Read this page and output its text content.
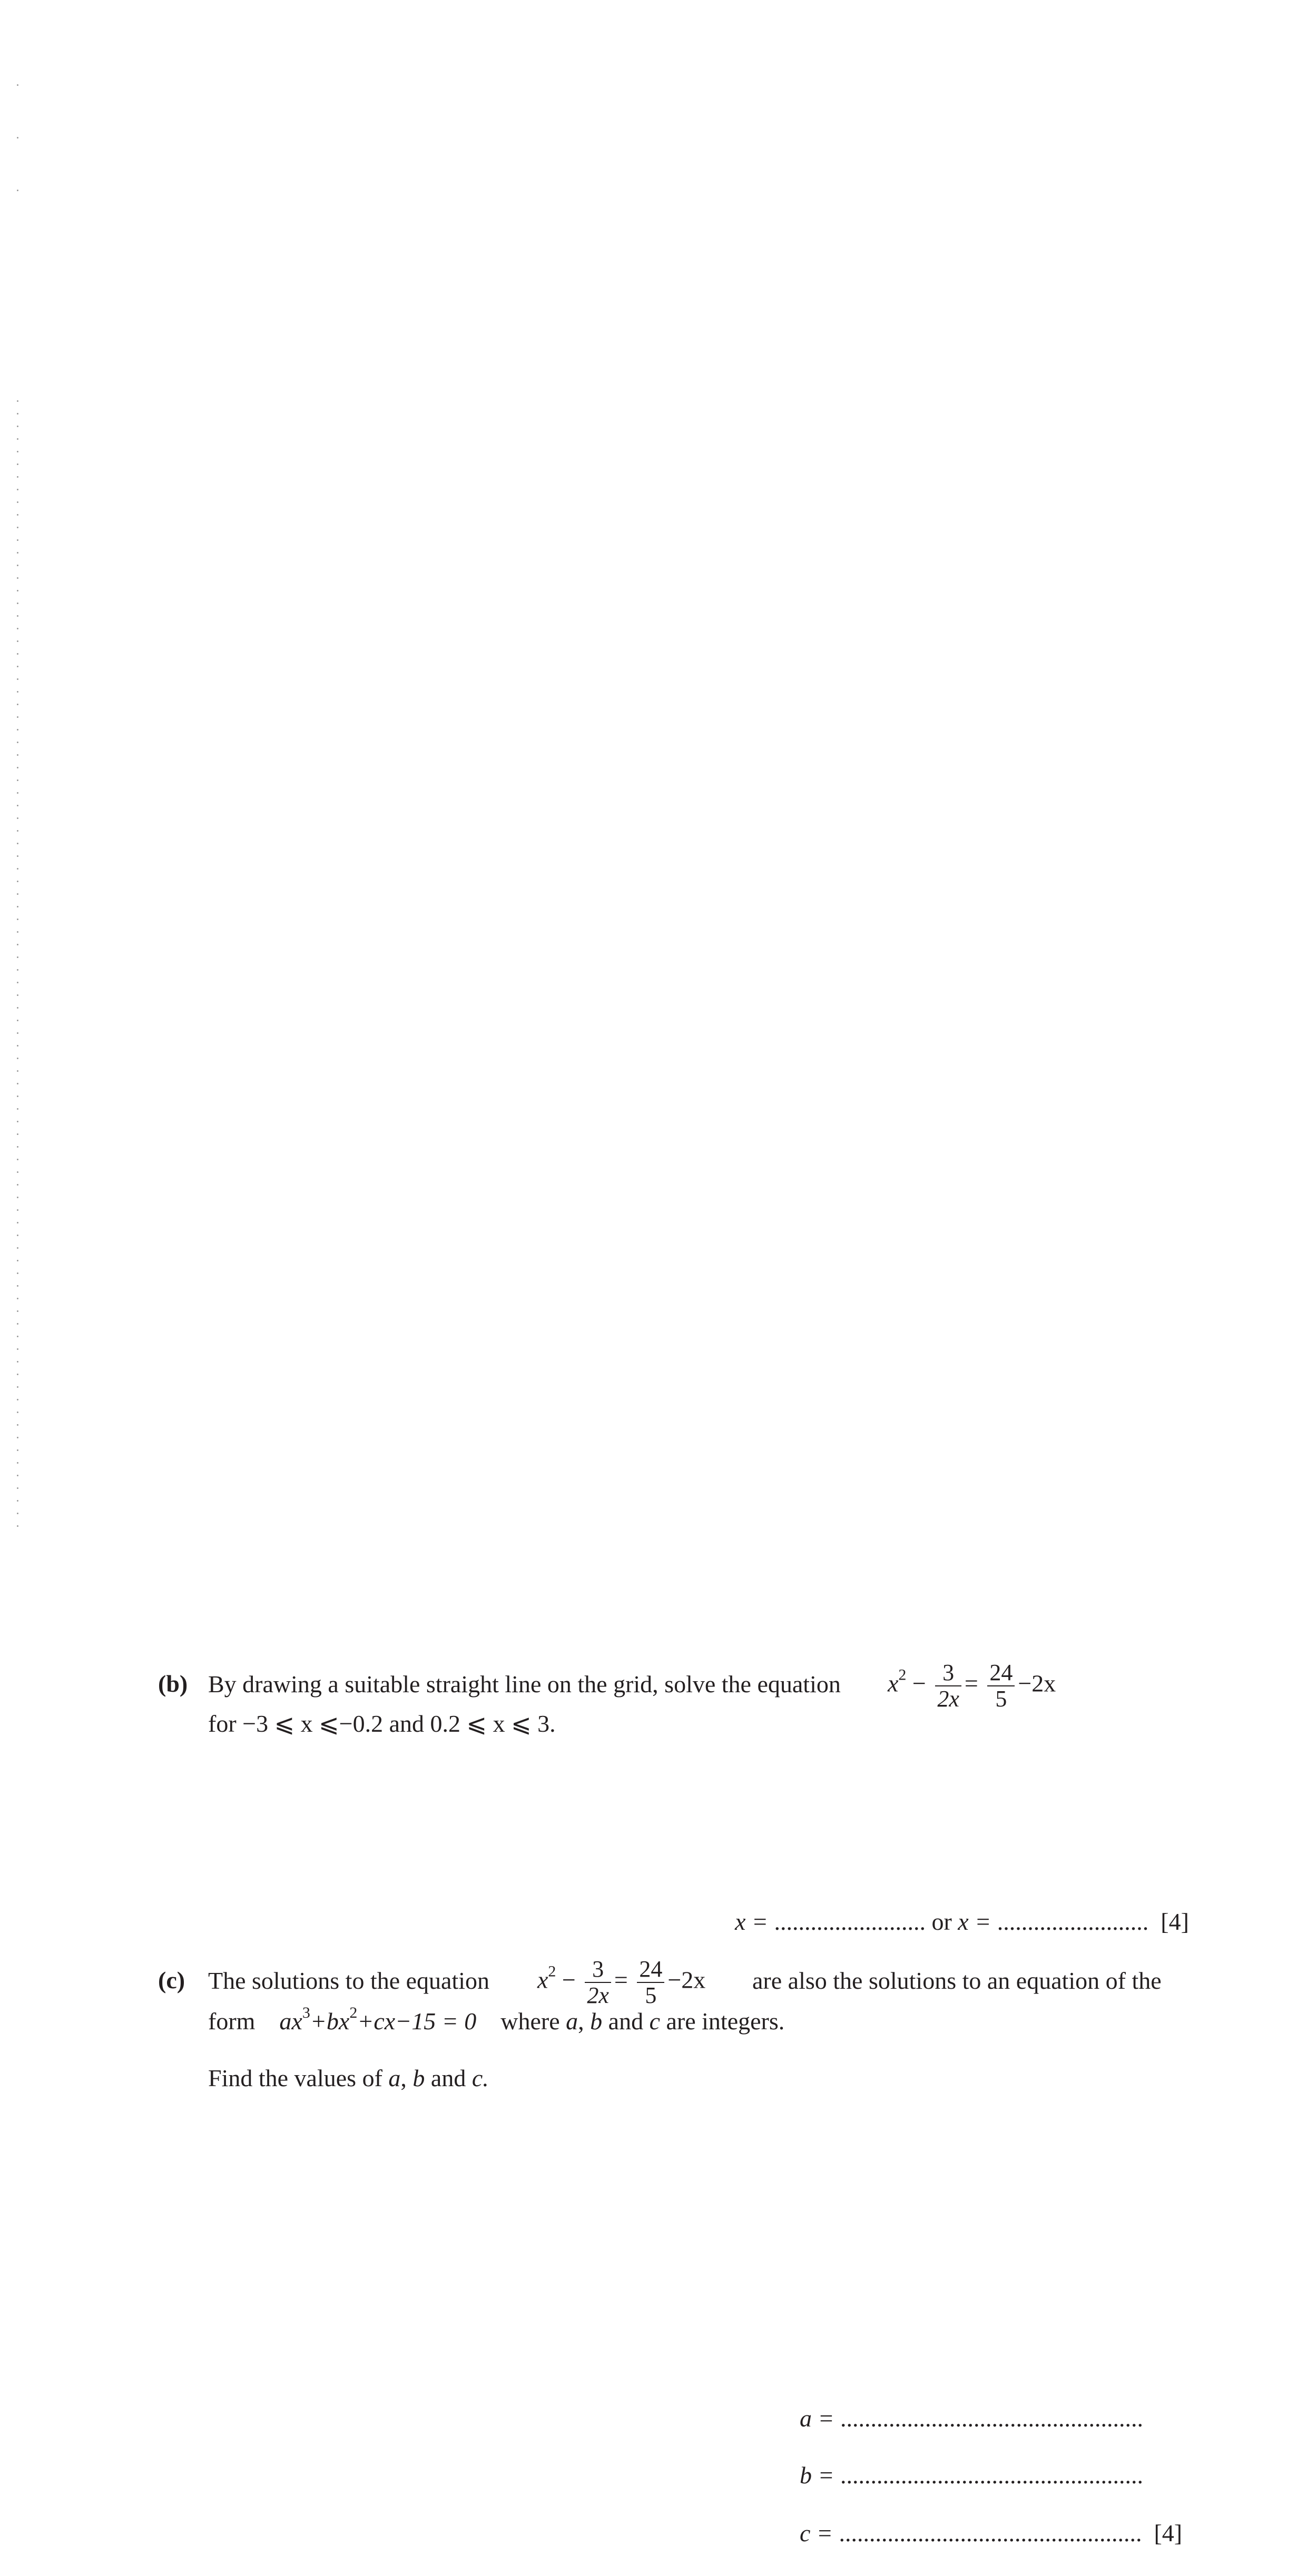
(b) By drawing a suitable straight line on the grid, solve the equation $x^2 - \frac{3}{2x} = \frac{24}{5} -2x$
for −3 ⩽ x ⩽−0.2 and 0.2 ⩽ x ⩽ 3.
x = ......................... or x = ......................... [4]
(c) The solutions to the equation $x^2 - \frac{3}{2x} = \frac{24}{5} -2x$ are also the solutions to an equation of the
form $ax^3+bx^2+cx-15 = 0$ where a, b and c are integers.
Find the values of a, b and c.
a = ..................................................
b = ..................................................
c = .................................................. [4]
